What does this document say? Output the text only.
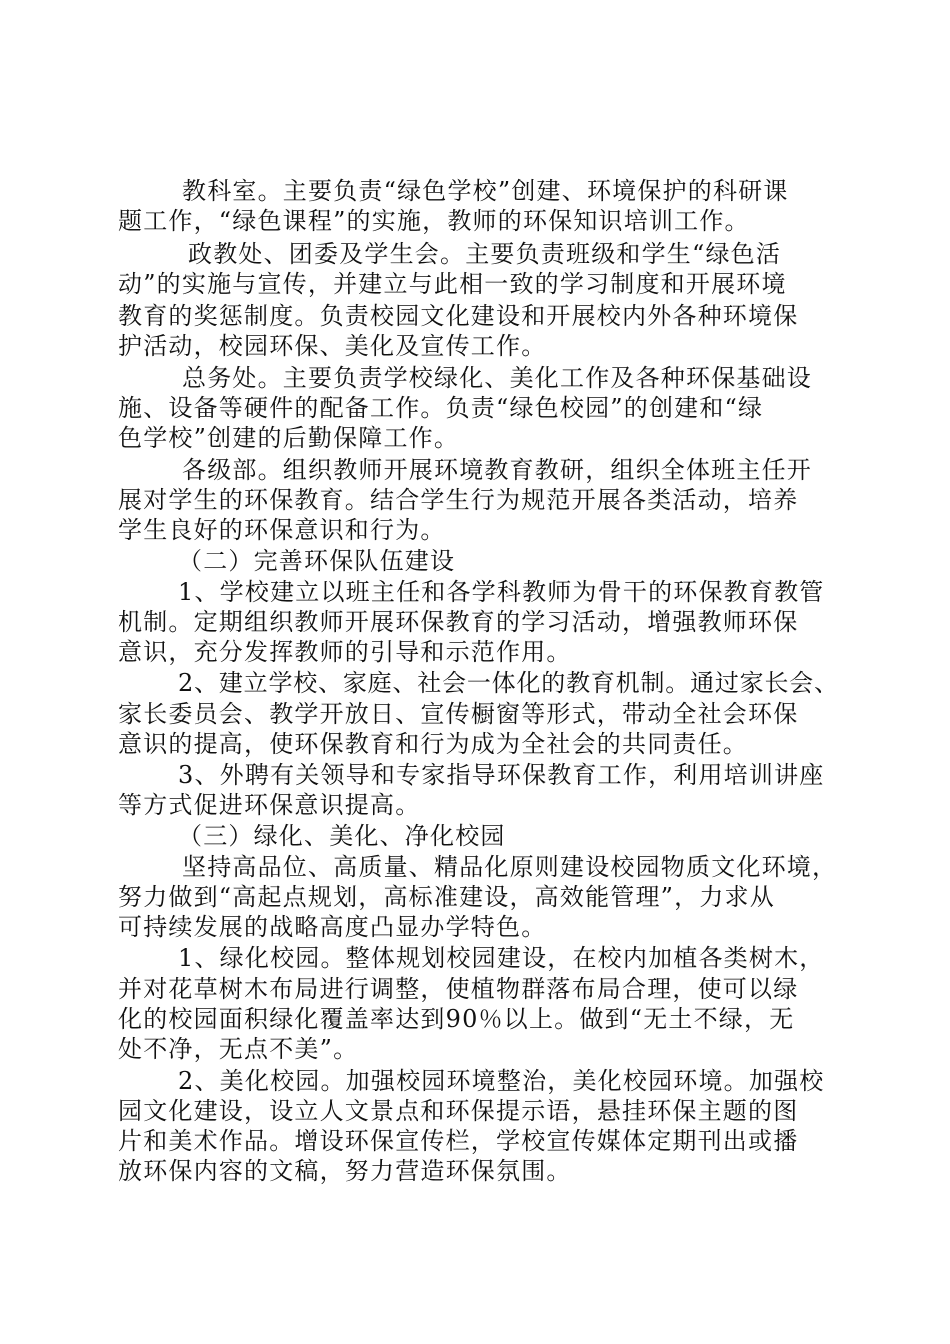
教科室。主要负责“绿色学校”创建、环境保护的科研课
题工作，“绿色课程”的实施，教师的环保知识培训工作。
政教处、团委及学生会。主要负责班级和学生“绿色活
动”的实施与宣传，并建立与此相一致的学习制度和开展环境
教育的奖惩制度。负责校园文化建设和开展校内外各种环境保
护活动，校园环保、美化及宣传工作。
总务处。主要负责学校绿化、美化工作及各种环保基础设
施、设备等硬件的配备工作。负责“绿色校园”的创建和“绿
色学校”创建的后勤保障工作。
各级部。组织教师开展环境教育教研，组织全体班主任开
展对学生的环保教育。结合学生行为规范开展各类活动，培养
学生良好的环保意识和行为。
（二）完善环保队伍建设
1、学校建立以班主任和各学科教师为骨干的环保教育教管
机制。定期组织教师开展环保教育的学习活动，增强教师环保
意识，充分发挥教师的引导和示范作用。
2、建立学校、家庭、社会一体化的教育机制。通过家长会、
家长委员会、教学开放日、宣传橱窗等形式，带动全社会环保
意识的提高，使环保教育和行为成为全社会的共同责任。
3、外聘有关领导和专家指导环保教育工作，利用培训讲座
等方式促进环保意识提高。
（三）绿化、美化、净化校园
坚持高品位、高质量、精品化原则建设校园物质文化环境，
努力做到“高起点规划，高标准建设，高效能管理”，力求从
可持续发展的战略高度凸显办学特色。
1、绿化校园。整体规划校园建设，在校内加植各类树木，
并对花草树木布局进行调整，使植物群落布局合理，使可以绿
化的校园面积绿化覆盖率达到90％以上。做到“无土不绿，无
处不净，无点不美”。
2、美化校园。加强校园环境整治，美化校园环境。加强校
园文化建设，设立人文景点和环保提示语，悬挂环保主题的图
片和美术作品。增设环保宣传栏，学校宣传媒体定期刊出或播
放环保内容的文稿，努力营造环保氛围。
